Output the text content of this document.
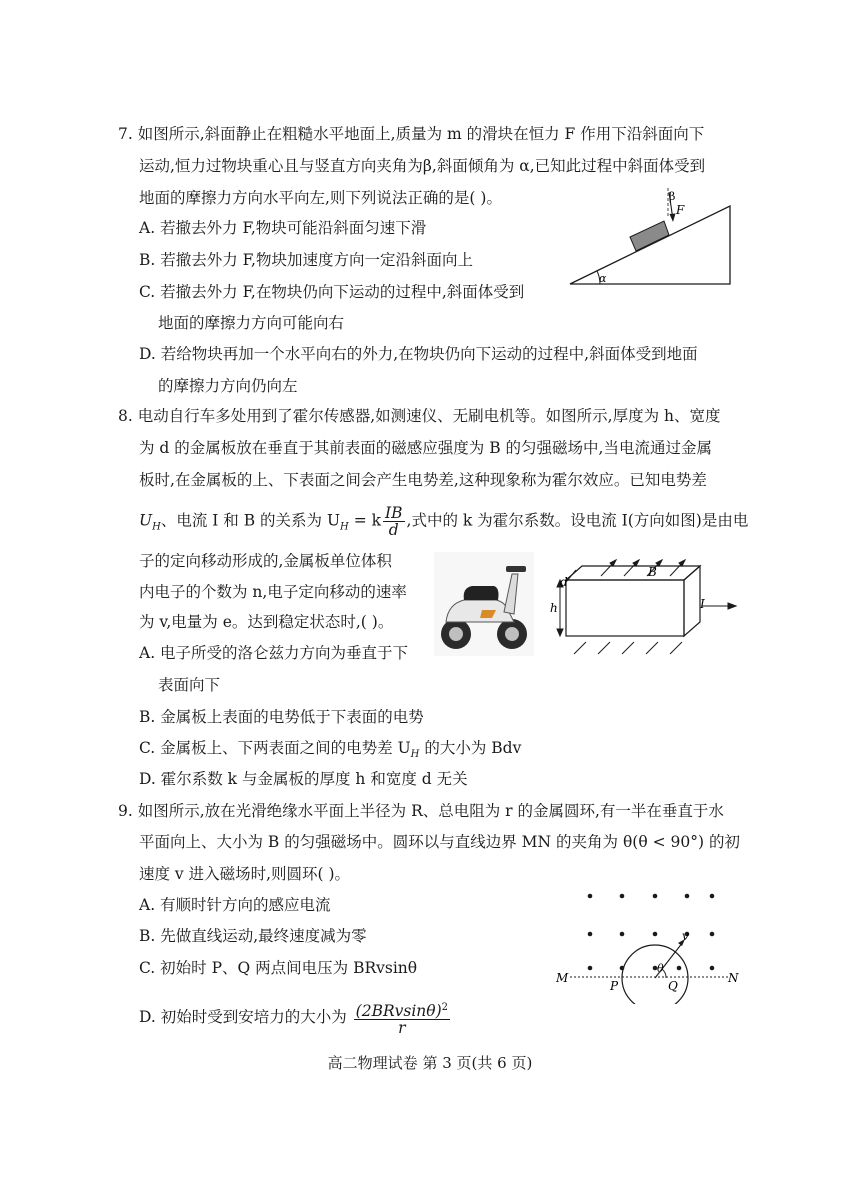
7. 如图所示,斜面静止在粗糙水平地面上,质量为 m 的滑块在恒力 F 作用下沿斜面向下
运动,恒力过物块重心且与竖直方向夹角为β,斜面倾角为 α,已知此过程中斜面体受到
地面的摩擦力方向水平向左,则下列说法正确的是( )。
A. 若撤去外力 F,物块可能沿斜面匀速下滑
B. 若撤去外力 F,物块加速度方向一定沿斜面向上
C. 若撤去外力 F,在物块仍向下运动的过程中,斜面体受到
地面的摩擦力方向可能向右
D. 若给物块再加一个水平向右的外力,在物块仍向下运动的过程中,斜面体受到地面
的摩擦力方向仍向左
α
β
F
8. 电动自行车多处用到了霍尔传感器,如测速仪、无刷电机等。如图所示,厚度为 h、宽度
为 d 的金属板放在垂直于其前表面的磁感应强度为 B 的匀强磁场中,当电流通过金属
板时,在金属板的上、下表面之间会产生电势差,这种现象称为霍尔效应。已知电势差
$U_H$、电流 I 和 B 的关系为 $U_H = k \frac{IB}{d}$ ,式中的 k 为霍尔系数。设电流 I(方向如图)是由电
子的定向移动形成的,金属板单位体积
内电子的个数为 n,电子定向移动的速率
为 v,电量为 e。达到稳定状态时,( )。
A. 电子所受的洛仑兹力方向为垂直于下
表面向下
B. 金属板上表面的电势低于下表面的电势
C. 金属板上、下两表面之间的电势差 $U_H$ 的大小为 Bdv
D. 霍尔系数 k 与金属板的厚度 h 和宽度 d 无关
d
B
h	I
9. 如图所示,放在光滑绝缘水平面上半径为 R、总电阻为 r 的金属圆环,有一半在垂直于水
平面向上、大小为 B 的匀强磁场中。圆环以与直线边界 MN 的夹角为 θ(θ < 90°) 的初
速度 v 进入磁场时,则圆环( )。
A. 有顺时针方向的感应电流
B. 先做直线运动,最终速度减为零
C. 初始时 P、Q 两点间电压为 BRvsinθ
D. 初始时受到安培力的大小为 $\frac{(2BRvsin\theta)^2}{r}$
M	N
P	Q
v
θ
高二物理试卷 第 3 页(共 6 页)
